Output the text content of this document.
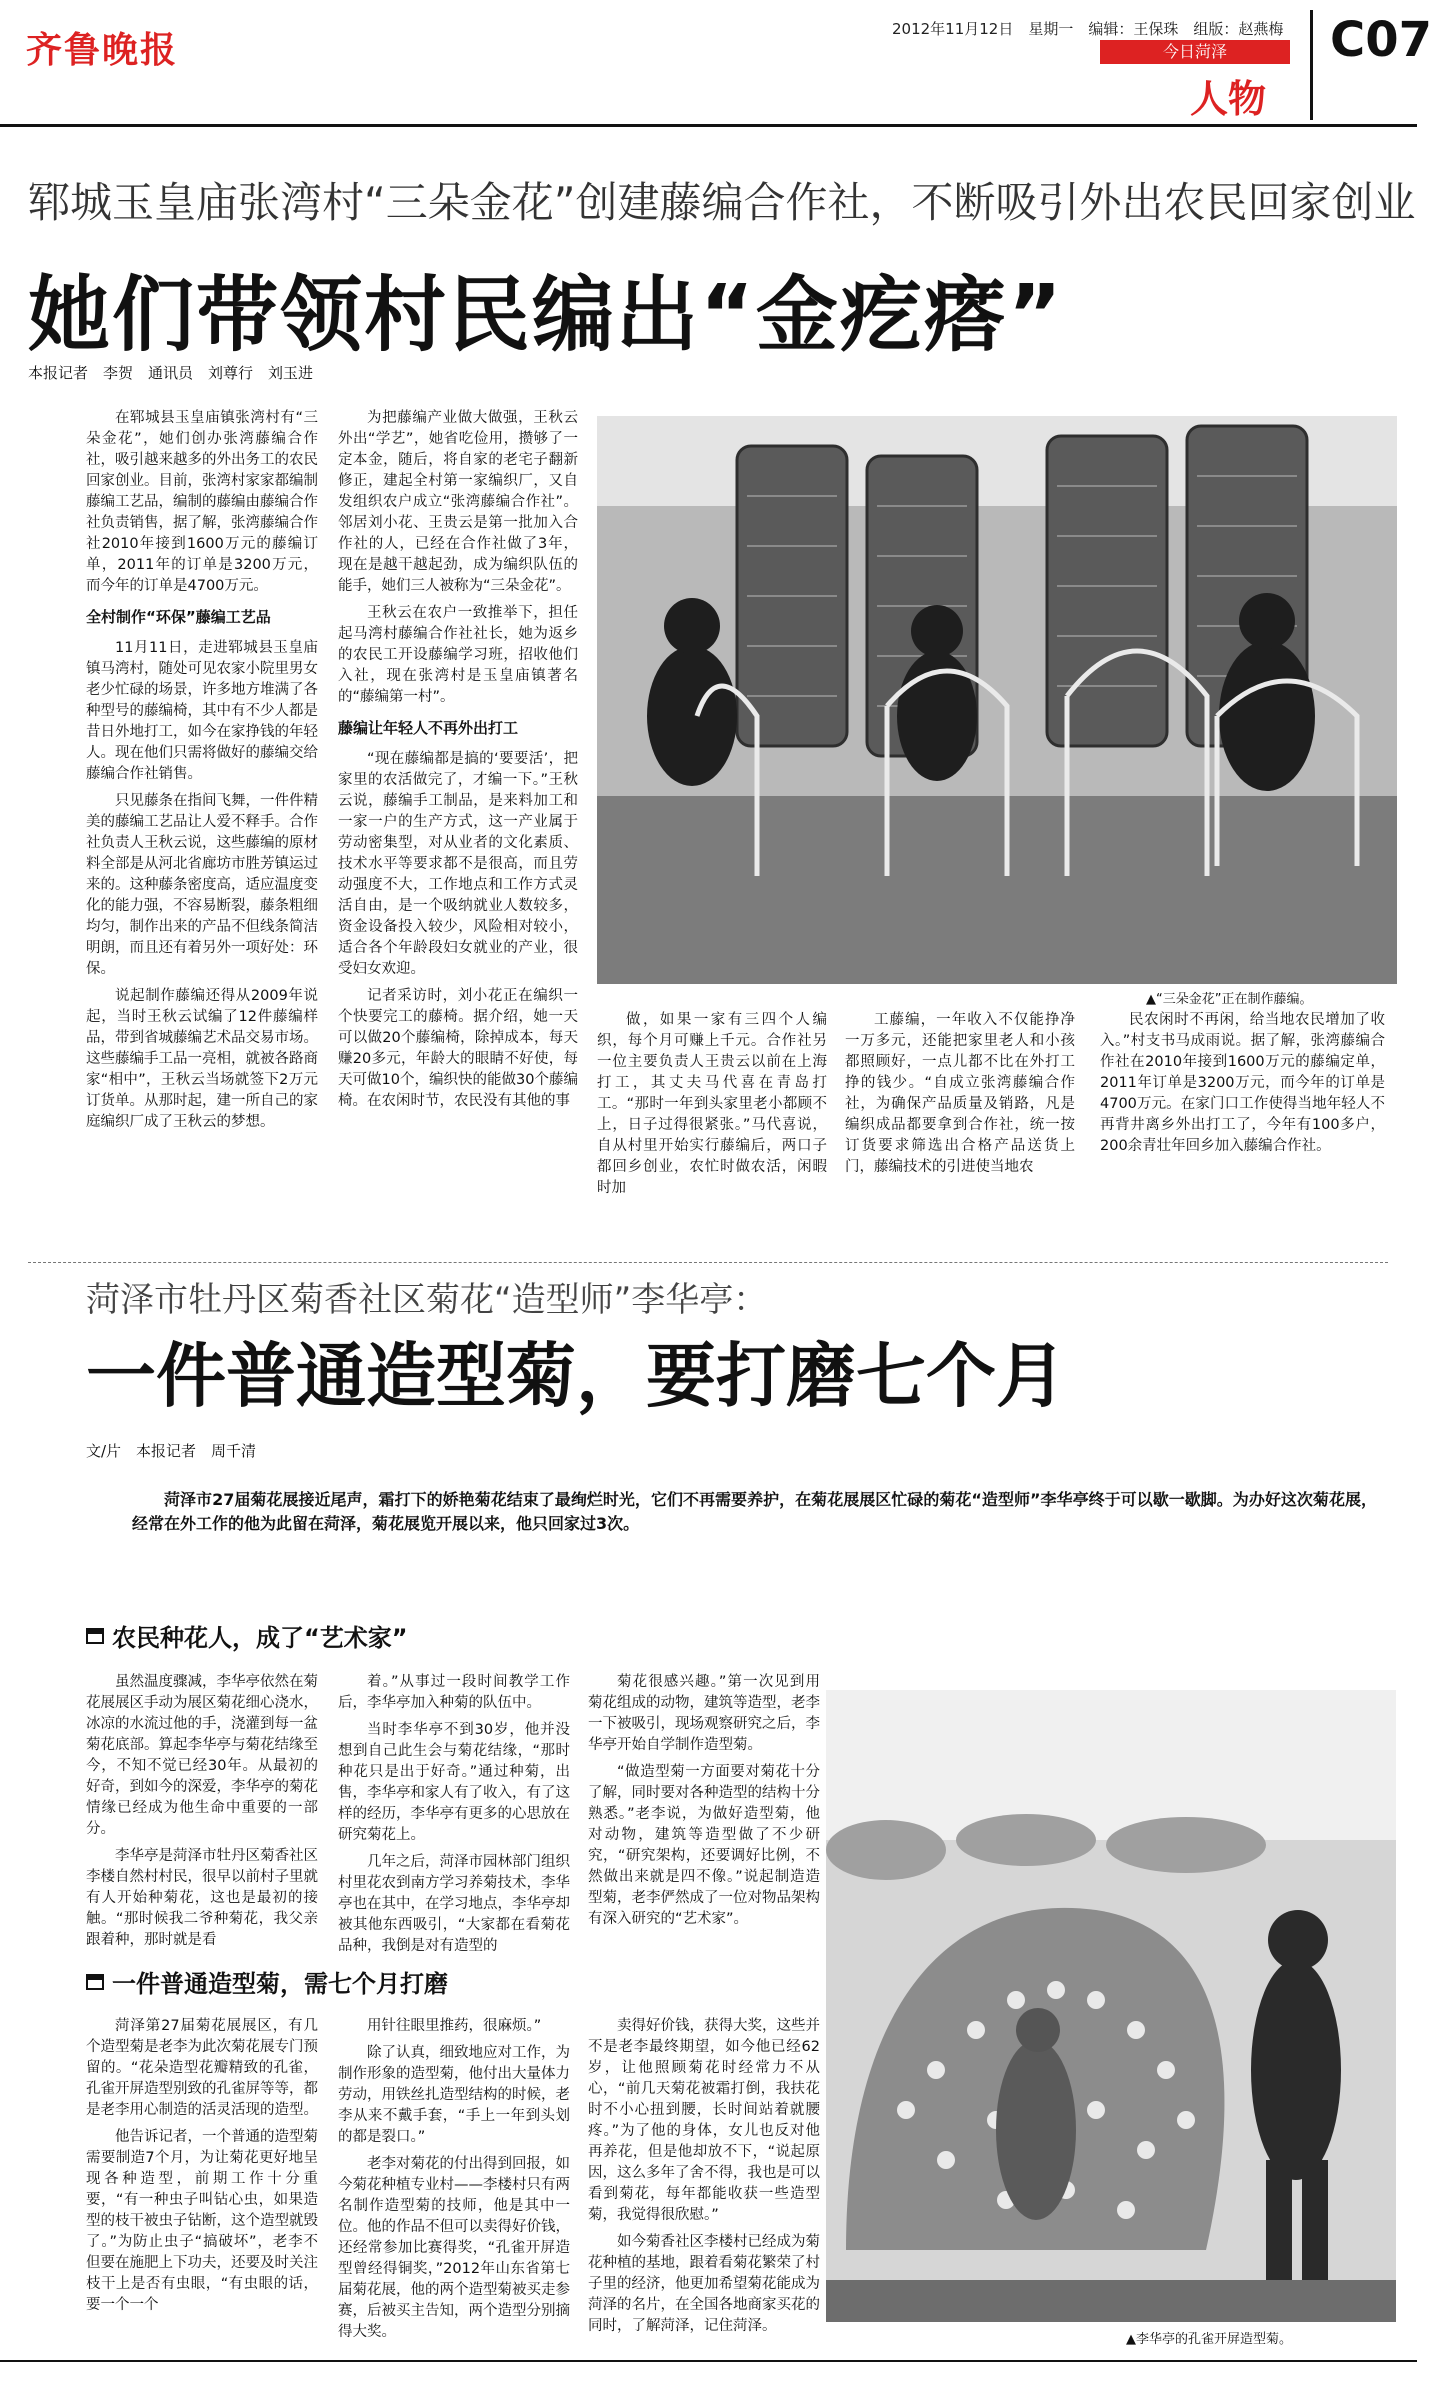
齐鲁晚报	2012年11月12日　星期一　编辑：王保珠　组版：赵燕梅
今日菏泽
人物
C07
郓城玉皇庙张湾村“三朵金花”创建藤编合作社，不断吸引外出农民回家创业
她们带领村民编出“金疙瘩”
本报记者　李贺　通讯员　刘尊行　刘玉进

在郓城县玉皇庙镇张湾村有“三朵金花”，她们创办张湾藤编合作社，吸引越来越多的外出务工的农民回家创业。目前，张湾村家家都编制藤编工艺品，编制的藤编由藤编合作社负责销售，据了解，张湾藤编合作社2010年接到1600万元的藤编订单，2011年的订单是3200万元，而今年的订单是4700万元。

全村制作“环保”藤编工艺品

11月11日，走进郓城县玉皇庙镇马湾村，随处可见农家小院里男女老少忙碌的场景，许多地方堆满了各种型号的藤编椅，其中有不少人都是昔日外地打工，如今在家挣钱的年轻人。现在他们只需将做好的藤编交给藤编合作社销售。

只见藤条在指间飞舞，一件件精美的藤编工艺品让人爱不释手。合作社负责人王秋云说，这些藤编的原材料全部是从河北省廊坊市胜芳镇运过来的。这种藤条密度高，适应温度变化的能力强，不容易断裂，藤条粗细均匀，制作出来的产品不但线条简洁明朗，而且还有着另外一项好处：环保。

说起制作藤编还得从2009年说起，当时王秋云试编了12件藤编样品，带到省城藤编艺术品交易市场。这些藤编手工品一亮相，就被各路商家“相中”，王秋云当场就签下2万元订货单。从那时起，建一所自己的家庭编织厂成了王秋云的梦想。

为把藤编产业做大做强，王秋云外出“学艺”，她省吃俭用，攒够了一定本金，随后，将自家的老宅子翻新修正，建起全村第一家编织厂，又自发组织农户成立“张湾藤编合作社”。邻居刘小花、王贵云是第一批加入合作社的人，已经在合作社做了3年，现在是越干越起劲，成为编织队伍的能手，她们三人被称为“三朵金花”。

王秋云在农户一致推举下，担任起马湾村藤编合作社社长，她为返乡的农民工开设藤编学习班，招收他们入社，现在张湾村是玉皇庙镇著名的“藤编第一村”。

藤编让年轻人不再外出打工

“现在藤编都是搞的‘要要活’，把家里的农活做完了，才编一下。”王秋云说，藤编手工制品，是来料加工和一家一户的生产方式，这一产业属于劳动密集型，对从业者的文化素质、技术水平等要求都不是很高，而且劳动强度不大，工作地点和工作方式灵活自由，是一个吸纳就业人数较多，资金设备投入较少，风险相对较小，适合各个年龄段妇女就业的产业，很受妇女欢迎。

记者采访时，刘小花正在编织一个快要完工的藤椅。据介绍，她一天可以做20个藤编椅，除掉成本，每天赚20多元，年龄大的眼睛不好使，每天可做10个，编织快的能做30个藤编椅。在农闲时节，农民没有其他的事

▲“三朵金花”正在制作藤编。

做，如果一家有三四个人编织，每个月可赚上千元。合作社另一位主要负责人王贵云以前在上海打工，其丈夫马代喜在青岛打工。“那时一年到头家里老小都顾不上，日子过得很紧张。”马代喜说，自从村里开始实行藤编后，两口子都回乡创业，农忙时做农活，闲暇时加

工藤编，一年收入不仅能挣净一万多元，还能把家里老人和小孩都照顾好，一点儿都不比在外打工挣的钱少。“自成立张湾藤编合作社，为确保产品质量及销路，凡是编织成品都要拿到合作社，统一按订货要求筛选出合格产品送货上门，藤编技术的引进使当地农

民农闲时不再闲，给当地农民增加了收入。”村支书马成雨说。据了解，张湾藤编合作社在2010年接到1600万元的藤编定单，2011年订单是3200万元，而今年的订单是4700万元。在家门口工作使得当地年轻人不再背井离乡外出打工了，今年有100多户，200余青壮年回乡加入藤编合作社。

菏泽市牡丹区菊香社区菊花“造型师”李华亭：
一件普通造型菊，要打磨七个月
文/片　本报记者　周千清

菏泽市27届菊花展接近尾声，霜打下的娇艳菊花结束了最绚烂时光，它们不再需要养护，在菊花展展区忙碌的菊花“造型师”李华亭终于可以歇一歇脚。为办好这次菊花展，经常在外工作的他为此留在菏泽，菊花展览开展以来，他只回家过3次。

农民种花人，成了“艺术家”

虽然温度骤减，李华亭依然在菊花展展区手动为展区菊花细心浇水，冰凉的水流过他的手，浇灌到每一盆菊花底部。算起李华亭与菊花结缘至今，不知不觉已经30年。从最初的好奇，到如今的深爱，李华亭的菊花情缘已经成为他生命中重要的一部分。

李华亭是菏泽市牡丹区菊香社区李楼自然村村民，很早以前村子里就有人开始种菊花，这也是最初的接触。“那时候我二爷种菊花，我父亲跟着种，那时就是看

着。”从事过一段时间教学工作后，李华亭加入种菊的队伍中。

当时李华亭不到30岁，他并没想到自己此生会与菊花结缘，“那时种花只是出于好奇。”通过种菊，出售，李华亭和家人有了收入，有了这样的经历，李华亭有更多的心思放在研究菊花上。

几年之后，菏泽市园林部门组织村里花农到南方学习养菊技术，李华亭也在其中，在学习地点，李华亭却被其他东西吸引，“大家都在看菊花品种，我倒是对有造型的

菊花很感兴趣。”第一次见到用菊花组成的动物，建筑等造型，老李一下被吸引，现场观察研究之后，李华亭开始自学制作造型菊。

“做造型菊一方面要对菊花十分了解，同时要对各种造型的结构十分熟悉。”老李说，为做好造型菊，他对动物，建筑等造型做了不少研究，“研究架构，还要调好比例，不然做出来就是四不像。”说起制造造型菊，老李俨然成了一位对物品架构有深入研究的“艺术家”。

一件普通造型菊，需七个月打磨

菏泽第27届菊花展展区，有几个造型菊是老李为此次菊花展专门预留的。“花朵造型花瓣精致的孔雀，孔雀开屏造型别致的孔雀屏等等，都是老李用心制造的活灵活现的造型。

他告诉记者，一个普通的造型菊需要制造7个月，为让菊花更好地呈现各种造型，前期工作十分重要，“有一种虫子叫钻心虫，如果造型的枝干被虫子钻断，这个造型就毁了。”为防止虫子“搞破坏”，老李不但要在施肥上下功夫，还要及时关注枝干上是否有虫眼，“有虫眼的话，要一个一个

用针往眼里推药，很麻烦。”

除了认真，细致地应对工作，为制作形象的造型菊，他付出大量体力劳动，用铁丝扎造型结构的时候，老李从来不戴手套，“手上一年到头划的都是裂口。”

老李对菊花的付出得到回报，如今菊花种植专业村——李楼村只有两名制作造型菊的技师，他是其中一位。他的作品不但可以卖得好价钱，还经常参加比赛得奖，“孔雀开屏造型曾经得铜奖，”2012年山东省第七届菊花展，他的两个造型菊被买走参赛，后被买主告知，两个造型分别摘得大奖。

卖得好价钱，获得大奖，这些并不是老李最终期望，如今他已经62岁，让他照顾菊花时经常力不从心，“前几天菊花被霜打倒，我扶花时不小心扭到腰，长时间站着就腰疼。”为了他的身体，女儿也反对他再养花，但是他却放不下，“说起原因，这么多年了舍不得，我也是可以看到菊花，每年都能收获一些造型菊，我觉得很欣慰。”

如今菊香社区李楼村已经成为菊花种植的基地，跟着看菊花繁荣了村子里的经济，他更加希望菊花能成为菏泽的名片，在全国各地商家买花的同时，了解菏泽，记住菏泽。

▲李华亭的孔雀开屏造型菊。
